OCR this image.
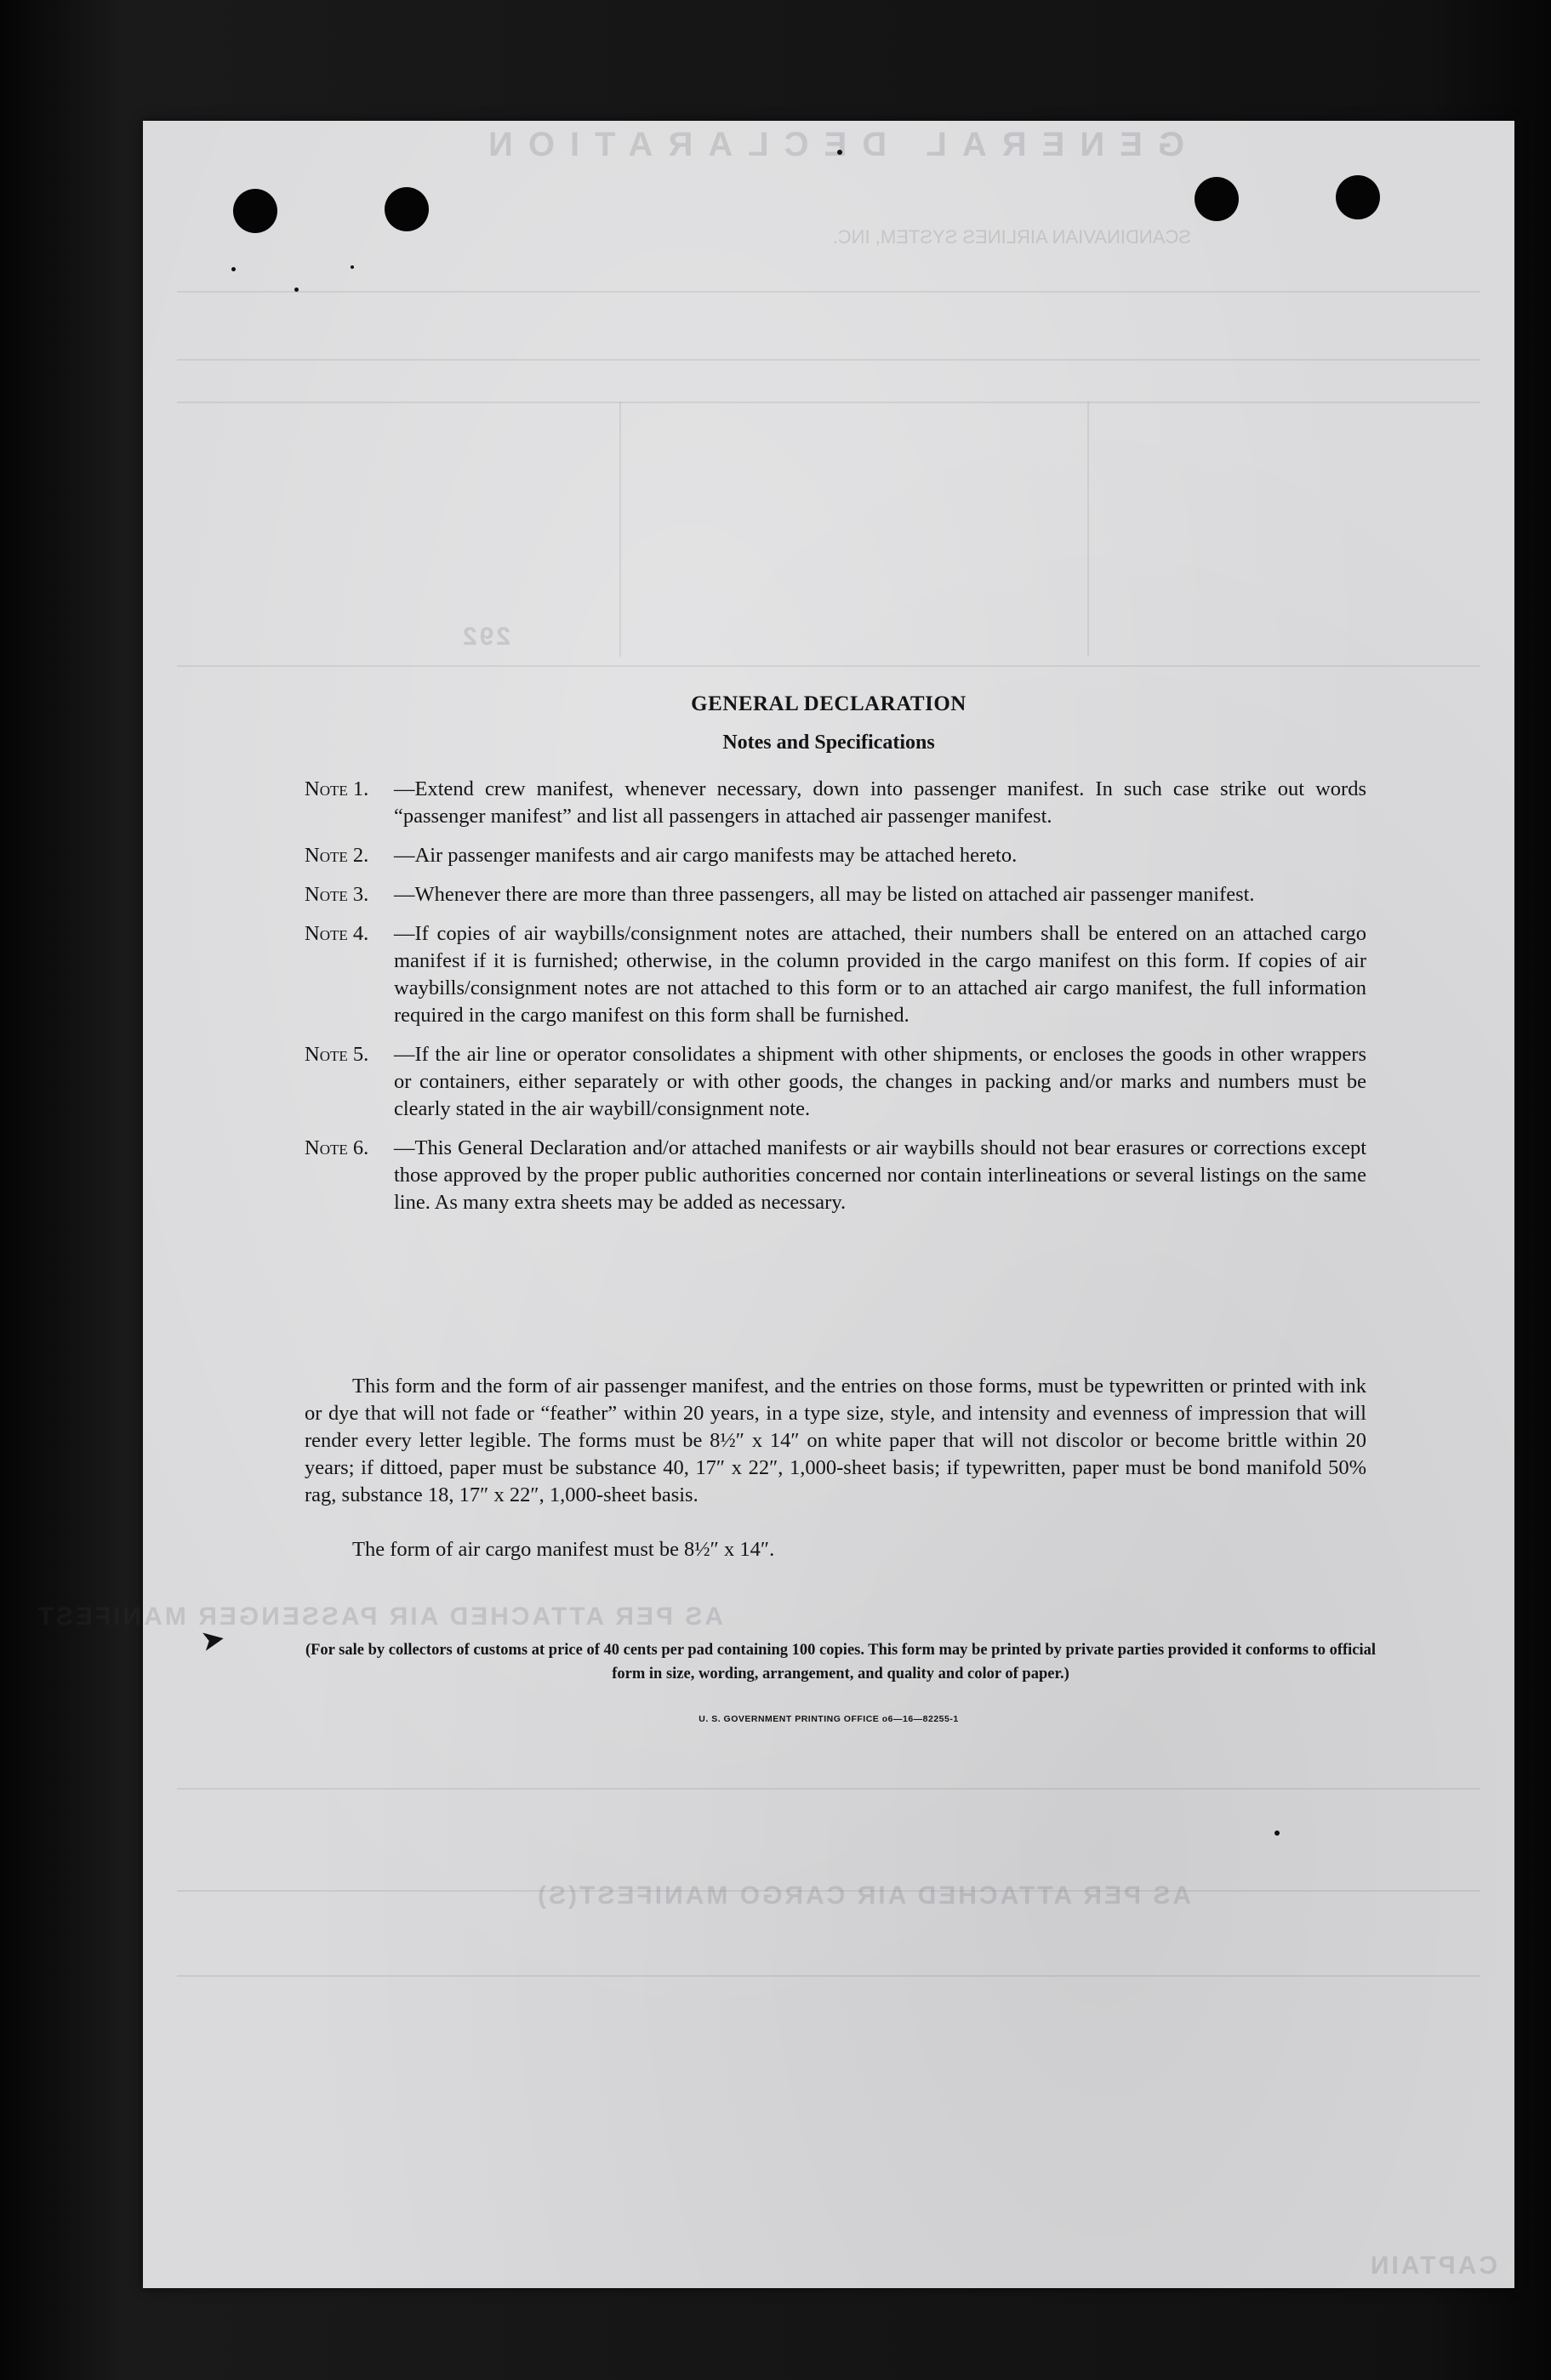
GENERAL DECLARATION
SCANDINAVIAN AIRLINES SYSTEM, INC.
292
AS PER ATTACHED AIR PASSENGER MANIFEST
AS PER ATTACHED AIR CARGO MANIFEST(S)
CAPTAIN
GENERAL DECLARATION
Notes and Specifications
Note 1.	—Extend crew manifest, whenever necessary, down into passenger manifest. In such case strike out words “passenger manifest” and list all passengers in attached air passenger manifest.
Note 2.	—Air passenger manifests and air cargo manifests may be attached hereto.
Note 3.	—Whenever there are more than three passengers, all may be listed on attached air passenger manifest.
Note 4.	—If copies of air waybills/consignment notes are attached, their numbers shall be entered on an attached cargo manifest if it is furnished; otherwise, in the column provided in the cargo manifest on this form. If copies of air waybills/consignment notes are not attached to this form or to an attached air cargo manifest, the full information required in the cargo manifest on this form shall be furnished.
Note 5.	—If the air line or operator consolidates a shipment with other shipments, or encloses the goods in other wrappers or containers, either separately or with other goods, the changes in packing and/or marks and numbers must be clearly stated in the air waybill/consignment note.
Note 6.	—This General Declaration and/or attached manifests or air waybills should not bear erasures or corrections except those approved by the proper public authorities concerned nor contain interlineations or several listings on the same line. As many extra sheets may be added as necessary.
This form and the form of air passenger manifest, and the entries on those forms, must be typewritten or printed with ink or dye that will not fade or “feather” within 20 years, in a type size, style, and intensity and evenness of impression that will render every letter legible. The forms must be 8½″ x 14″ on white paper that will not discolor or become brittle within 20 years; if dittoed, paper must be substance 40, 17″ x 22″, 1,000-sheet basis; if typewritten, paper must be bond manifold 50% rag, substance 18, 17″ x 22″, 1,000-sheet basis.
The form of air cargo manifest must be 8½″ x 14″.
(For sale by collectors of customs at price of 40 cents per pad containing 100 copies. This form may be printed by private parties provided it conforms to official form in size, wording, arrangement, and quality and color of paper.)
U. S. GOVERNMENT PRINTING OFFICE o6—16—82255-1
➤
